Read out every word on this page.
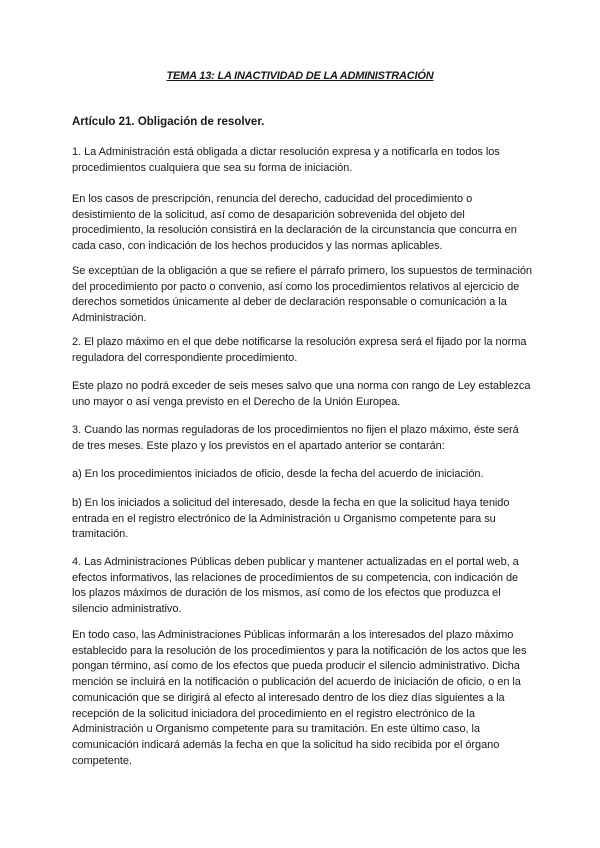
TEMA 13: LA INACTIVIDAD DE LA ADMINISTRACIÓN
Artículo 21. Obligación de resolver.

1. La Administración está obligada a dictar resolución expresa y a notificarla en todos los procedimientos cualquiera que sea su forma de iniciación.

En los casos de prescripción, renuncia del derecho, caducidad del procedimiento o desistimiento de la solicitud, así como de desaparición sobrevenida del objeto del procedimiento, la resolución consistirá en la declaración de la circunstancia que concurra en cada caso, con indicación de los hechos producidos y las normas aplicables.

Se exceptúan de la obligación a que se refiere el párrafo primero, los supuestos de terminación del procedimiento por pacto o convenio, así como los procedimientos relativos al ejercicio de derechos sometidos únicamente al deber de declaración responsable o comunicación a la Administración.

2. El plazo máximo en el que debe notificarse la resolución expresa será el fijado por la norma reguladora del correspondiente procedimiento.

Este plazo no podrá exceder de seis meses salvo que una norma con rango de Ley establezca uno mayor o así venga previsto en el Derecho de la Unión Europea.

3. Cuando las normas reguladoras de los procedimientos no fijen el plazo máximo, éste será de tres meses. Este plazo y los previstos en el apartado anterior se contarán:

a) En los procedimientos iniciados de oficio, desde la fecha del acuerdo de iniciación.

b) En los iniciados a solicitud del interesado, desde la fecha en que la solicitud haya tenido entrada en el registro electrónico de la Administración u Organismo competente para su tramitación.

4. Las Administraciones Públicas deben publicar y mantener actualizadas en el portal web, a efectos informativos, las relaciones de procedimientos de su competencia, con indicación de los plazos máximos de duración de los mismos, así como de los efectos que produzca el silencio administrativo.

En todo caso, las Administraciones Públicas informarán a los interesados del plazo máximo establecido para la resolución de los procedimientos y para la notificación de los actos que les pongan término, así como de los efectos que pueda producir el silencio administrativo. Dicha mención se incluirá en la notificación o publicación del acuerdo de iniciación de oficio, o en la comunicación que se dirigirá al efecto al interesado dentro de los diez días siguientes a la recepción de la solicitud iniciadora del procedimiento en el registro electrónico de la Administración u Organismo competente para su tramitación. En este último caso, la comunicación indicará además la fecha en que la solicitud ha sido recibida por el órgano competente.
